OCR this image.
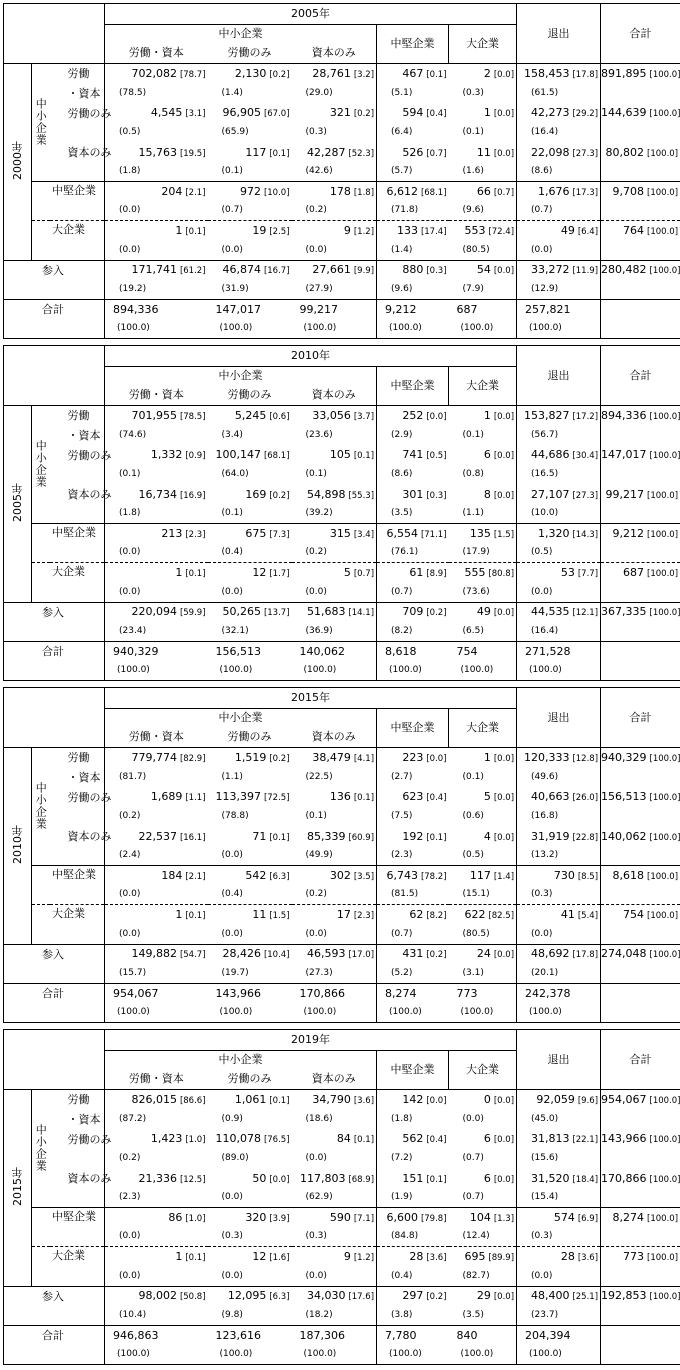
			2005年					退出	合計
			中小企業			中堅企業	大企業		
			労働・資本	労働のみ	資本のみ				
2000年	中小企業	労働	702,082 [78.7]	2,130 [0.2]	28,761 [3.2]	467 [0.1]	2 [0.0]	158,453 [17.8]	891,895 [100.0]
		・資本	(78.5)	(1.4)	(29.0)	(5.1)	(0.3)	(61.5)	
		労働のみ	4,545 [3.1]	96,905 [67.0]	321 [0.2]	594 [0.4]	1 [0.0]	42,273 [29.2]	144,639 [100.0]
			(0.5)	(65.9)	(0.3)	(6.4)	(0.1)	(16.4)	
		資本のみ	15,763 [19.5]	117 [0.1]	42,287 [52.3]	526 [0.7]	11 [0.0]	22,098 [27.3]	80,802 [100.0]
			(1.8)	(0.1)	(42.6)	(5.7)	(1.6)	(8.6)	
	中堅企業		204 [2.1]	972 [10.0]	178 [1.8]	6,612 [68.1]	66 [0.7]	1,676 [17.3]	9,708 [100.0]
			(0.0)	(0.7)	(0.2)	(71.8)	(9.6)	(0.7)	
	大企業		1 [0.1]	19 [2.5]	9 [1.2]	133 [17.4]	553 [72.4]	49 [6.4]	764 [100.0]
			(0.0)	(0.0)	(0.0)	(1.4)	(80.5)	(0.0)	
参入			171,741 [61.2]	46,874 [16.7]	27,661 [9.9]	880 [0.3]	54 [0.0]	33,272 [11.9]	280,482 [100.0]
			(19.2)	(31.9)	(27.9)	(9.6)	(7.9)	(12.9)	
合計			894,336	147,017	99,217	9,212	687	257,821	
			(100.0)	(100.0)	(100.0)	(100.0)	(100.0)	(100.0)	
			2010年					退出	合計
			中小企業			中堅企業	大企業		
			労働・資本	労働のみ	資本のみ				
2005年	中小企業	労働	701,955 [78.5]	5,245 [0.6]	33,056 [3.7]	252 [0.0]	1 [0.0]	153,827 [17.2]	894,336 [100.0]
		・資本	(74.6)	(3.4)	(23.6)	(2.9)	(0.1)	(56.7)	
		労働のみ	1,332 [0.9]	100,147 [68.1]	105 [0.1]	741 [0.5]	6 [0.0]	44,686 [30.4]	147,017 [100.0]
			(0.1)	(64.0)	(0.1)	(8.6)	(0.8)	(16.5)	
		資本のみ	16,734 [16.9]	169 [0.2]	54,898 [55.3]	301 [0.3]	8 [0.0]	27,107 [27.3]	99,217 [100.0]
			(1.8)	(0.1)	(39.2)	(3.5)	(1.1)	(10.0)	
	中堅企業		213 [2.3]	675 [7.3]	315 [3.4]	6,554 [71.1]	135 [1.5]	1,320 [14.3]	9,212 [100.0]
			(0.0)	(0.4)	(0.2)	(76.1)	(17.9)	(0.5)	
	大企業		1 [0.1]	12 [1.7]	5 [0.7]	61 [8.9]	555 [80.8]	53 [7.7]	687 [100.0]
			(0.0)	(0.0)	(0.0)	(0.7)	(73.6)	(0.0)	
参入			220,094 [59.9]	50,265 [13.7]	51,683 [14.1]	709 [0.2]	49 [0.0]	44,535 [12.1]	367,335 [100.0]
			(23.4)	(32.1)	(36.9)	(8.2)	(6.5)	(16.4)	
合計			940,329	156,513	140,062	8,618	754	271,528	
			(100.0)	(100.0)	(100.0)	(100.0)	(100.0)	(100.0)	
			2015年					退出	合計
			中小企業			中堅企業	大企業		
			労働・資本	労働のみ	資本のみ				
2010年	中小企業	労働	779,774 [82.9]	1,519 [0.2]	38,479 [4.1]	223 [0.0]	1 [0.0]	120,333 [12.8]	940,329 [100.0]
		・資本	(81.7)	(1.1)	(22.5)	(2.7)	(0.1)	(49.6)	
		労働のみ	1,689 [1.1]	113,397 [72.5]	136 [0.1]	623 [0.4]	5 [0.0]	40,663 [26.0]	156,513 [100.0]
			(0.2)	(78.8)	(0.1)	(7.5)	(0.6)	(16.8)	
		資本のみ	22,537 [16.1]	71 [0.1]	85,339 [60.9]	192 [0.1]	4 [0.0]	31,919 [22.8]	140,062 [100.0]
			(2.4)	(0.0)	(49.9)	(2.3)	(0.5)	(13.2)	
	中堅企業		184 [2.1]	542 [6.3]	302 [3.5]	6,743 [78.2]	117 [1.4]	730 [8.5]	8,618 [100.0]
			(0.0)	(0.4)	(0.2)	(81.5)	(15.1)	(0.3)	
	大企業		1 [0.1]	11 [1.5]	17 [2.3]	62 [8.2]	622 [82.5]	41 [5.4]	754 [100.0]
			(0.0)	(0.0)	(0.0)	(0.7)	(80.5)	(0.0)	
参入			149,882 [54.7]	28,426 [10.4]	46,593 [17.0]	431 [0.2]	24 [0.0]	48,692 [17.8]	274,048 [100.0]
			(15.7)	(19.7)	(27.3)	(5.2)	(3.1)	(20.1)	
合計			954,067	143,966	170,866	8,274	773	242,378	
			(100.0)	(100.0)	(100.0)	(100.0)	(100.0)	(100.0)	
			2019年					退出	合計
			中小企業			中堅企業	大企業		
			労働・資本	労働のみ	資本のみ				
2015年	中小企業	労働	826,015 [86.6]	1,061 [0.1]	34,790 [3.6]	142 [0.0]	0 [0.0]	92,059 [9.6]	954,067 [100.0]
		・資本	(87.2)	(0.9)	(18.6)	(1.8)	(0.0)	(45.0)	
		労働のみ	1,423 [1.0]	110,078 [76.5]	84 [0.1]	562 [0.4]	6 [0.0]	31,813 [22.1]	143,966 [100.0]
			(0.2)	(89.0)	(0.0)	(7.2)	(0.7)	(15.6)	
		資本のみ	21,336 [12.5]	50 [0.0]	117,803 [68.9]	151 [0.1]	6 [0.0]	31,520 [18.4]	170,866 [100.0]
			(2.3)	(0.0)	(62.9)	(1.9)	(0.7)	(15.4)	
	中堅企業		86 [1.0]	320 [3.9]	590 [7.1]	6,600 [79.8]	104 [1.3]	574 [6.9]	8,274 [100.0]
			(0.0)	(0.3)	(0.3)	(84.8)	(12.4)	(0.3)	
	大企業		1 [0.1]	12 [1.6]	9 [1.2]	28 [3.6]	695 [89.9]	28 [3.6]	773 [100.0]
			(0.0)	(0.0)	(0.0)	(0.4)	(82.7)	(0.0)	
参入			98,002 [50.8]	12,095 [6.3]	34,030 [17.6]	297 [0.2]	29 [0.0]	48,400 [25.1]	192,853 [100.0]
			(10.4)	(9.8)	(18.2)	(3.8)	(3.5)	(23.7)	
合計			946,863	123,616	187,306	7,780	840	204,394	
			(100.0)	(100.0)	(100.0)	(100.0)	(100.0)	(100.0)	
